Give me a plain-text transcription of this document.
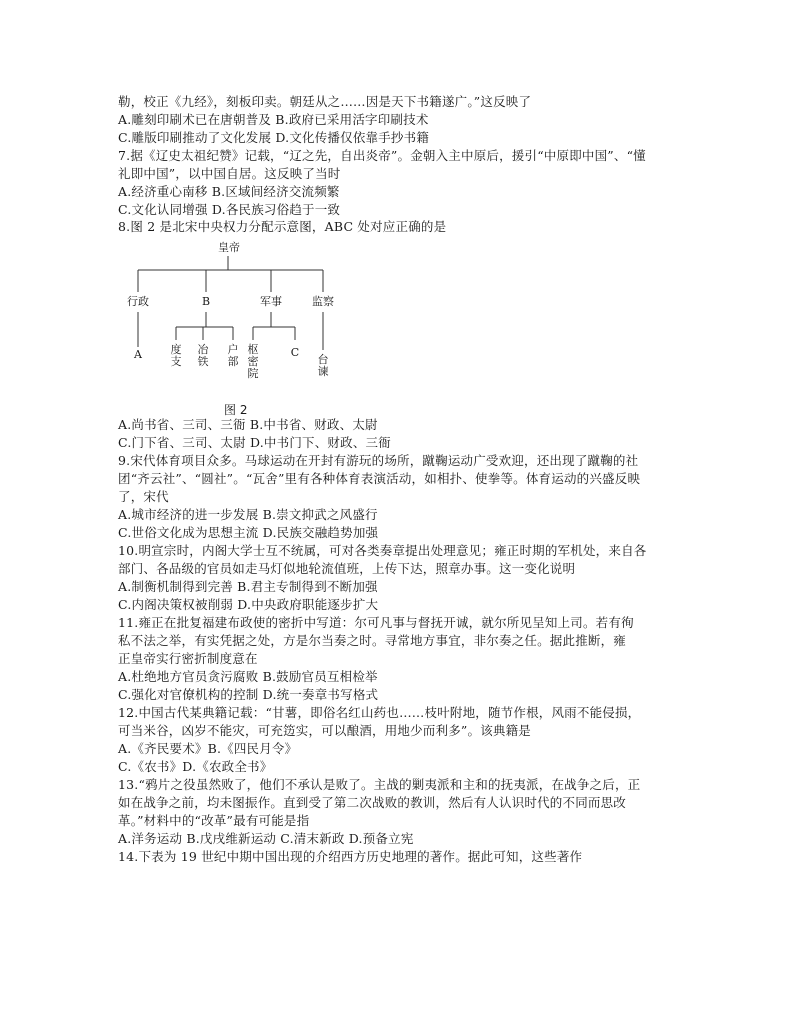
勒，校正《九经》，刻板印卖。朝廷从之……因是天下书籍遂广。”这反映了
A.雕刻印刷术已在唐朝普及 B.政府已采用活字印刷技术
C.雕版印刷推动了文化发展 D.文化传播仅依靠手抄书籍
7.据《辽史太祖纪赞》记载，“辽之先，自出炎帝”。金朝入主中原后，援引“中原即中国”、“懂
礼即中国”，以中国自居。这反映了当时
A.经济重心南移 B.区域间经济交流频繁
C.文化认同增强 D.各民族习俗趋于一致
8.图 2 是北宋中央权力分配示意图，ABC 处对应正确的是
皇帝
行政	B	军事	监察
A	度支
冶铁
户部
枢密院
C
台谏
图 2
A.尚书省、三司、三衙 B.中书省、财政、太尉
C.门下省、三司、太尉 D.中书门下、财政、三衙
9.宋代体育项目众多。马球运动在开封有游玩的场所，蹴鞠运动广受欢迎，还出现了蹴鞠的社
团“齐云社”、“圆社”。“瓦舍”里有各种体育表演活动，如相扑、使拳等。体育运动的兴盛反映
了，宋代
A.城市经济的进一步发展 B.崇文抑武之风盛行
C.世俗文化成为思想主流 D.民族交融趋势加强
10.明宣宗时，内阁大学士互不统属，可对各类奏章提出处理意见；雍正时期的军机处，来自各
部门、各品级的官员如走马灯似地轮流值班，上传下达，照章办事。这一变化说明
A.制衡机制得到完善 B.君主专制得到不断加强
C.内阁决策权被削弱 D.中央政府职能逐步扩大
11.雍正在批复福建布政使的密折中写道：尔可凡事与督抚开诚，就尔所见呈知上司。若有徇
私不法之举，有实凭据之处，方是尔当奏之时。寻常地方事宜，非尔奏之任。据此推断，雍
正皇帝实行密折制度意在
A.杜绝地方官员贪污腐败 B.鼓励官员互相检举
C.强化对官僚机构的控制 D.统一奏章书写格式
12.中国古代某典籍记载：“甘薯，即俗名红山药也……枝叶附地，随节作根，风雨不能侵损，
可当米谷，凶岁不能灾，可充笾实，可以酿酒，用地少而利多”。该典籍是
A.《齐民要术》B.《四民月令》
C.《农书》D.《农政全书》
13.“鸦片之役虽然败了，他们不承认是败了。主战的剿夷派和主和的抚夷派，在战争之后，正
如在战争之前，均未图振作。直到受了第二次战败的教训，然后有人认识时代的不同而思改
革。”材料中的“改革”最有可能是指
A.洋务运动 B.戊戌维新运动 C.清末新政 D.预备立宪
14.下表为 19 世纪中期中国出现的介绍西方历史地理的著作。据此可知，这些著作
